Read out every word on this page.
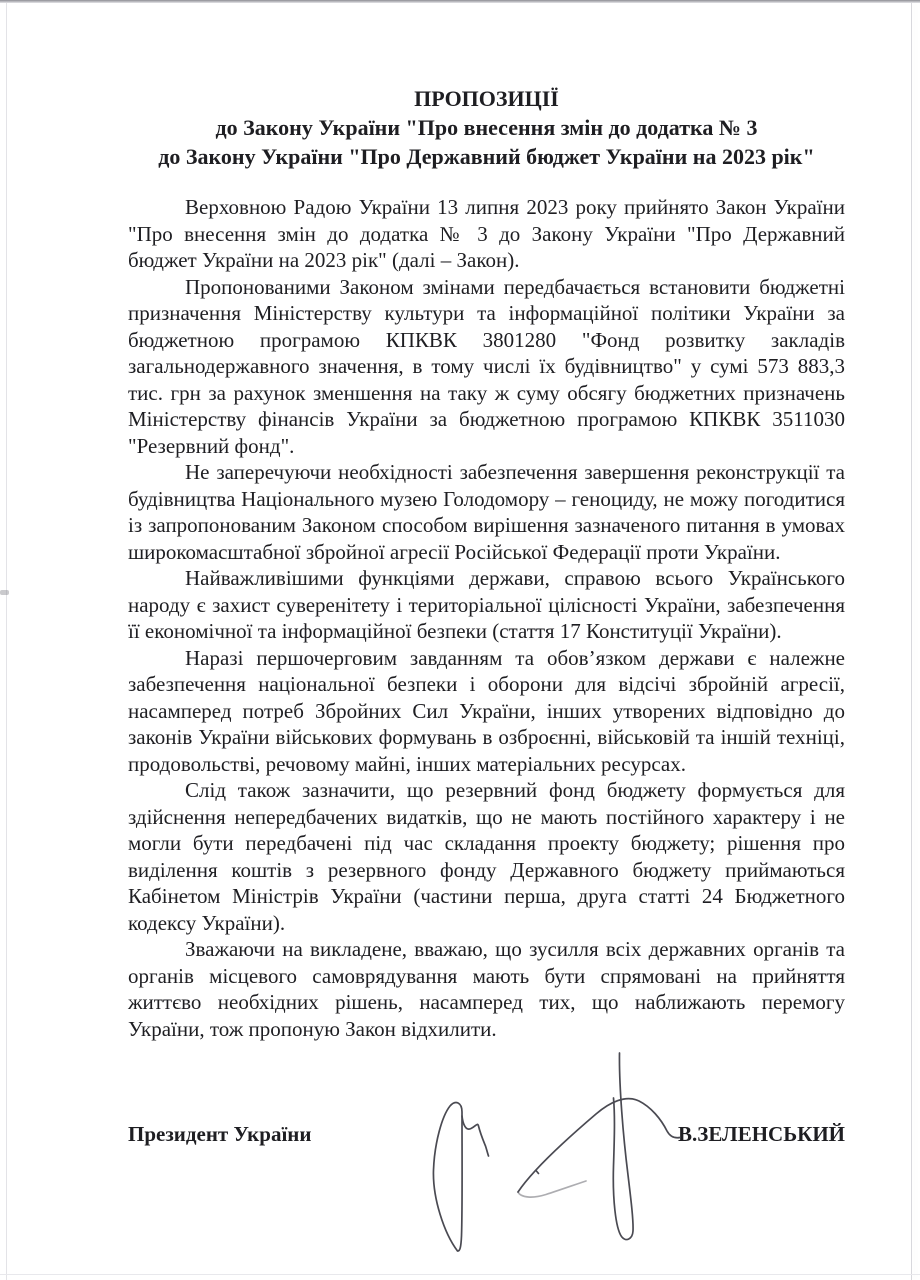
ПРОПОЗИЦІЇ
до Закону України "Про внесення змін до додатка № 3
до Закону України "Про Державний бюджет України на 2023 рік"

Верховною Радою України 13 липня 2023 року прийнято Закон України "Про внесення змін до додатка № 3 до Закону України "Про Державний бюджет України на 2023 рік" (далі – Закон).

Пропонованими Законом змінами передбачається встановити бюджетні призначення Міністерству культури та інформаційної політики України за бюджетною програмою КПКВК 3801280 "Фонд розвитку закладів загальнодержавного значення, в тому числі їх будівництво" у сумі 573 883,3 тис. грн за рахунок зменшення на таку ж суму обсягу бюджетних призначень Міністерству фінансів України за бюджетною програмою КПКВК 3511030 "Резервний фонд".

Не заперечуючи необхідності забезпечення завершення реконструкції та будівництва Національного музею Голодомору – геноциду, не можу погодитися із запропонованим Законом способом вирішення зазначеного питання в умовах широкомасштабної збройної агресії Російської Федерації проти України.

Найважливішими функціями держави, справою всього Українського народу є захист суверенітету і територіальної цілісності України, забезпечення її економічної та інформаційної безпеки (стаття 17 Конституції України).

Наразі першочерговим завданням та обов’язком держави є належне забезпечення національної безпеки і оборони для відсічі збройній агресії, насамперед потреб Збройних Сил України, інших утворених відповідно до законів України військових формувань в озброєнні, військовій та іншій техніці, продовольстві, речовому майні, інших матеріальних ресурсах.

Слід також зазначити, що резервний фонд бюджету формується для здійснення непередбачених видатків, що не мають постійного характеру і не могли бути передбачені під час складання проекту бюджету; рішення про виділення коштів з резервного фонду Державного бюджету приймаються Кабінетом Міністрів України (частини перша, друга статті 24 Бюджетного кодексу України).

Зважаючи на викладене, вважаю, що зусилля всіх державних органів та органів місцевого самоврядування мають бути спрямовані на прийняття життєво необхідних рішень, насамперед тих, що наближають перемогу України, тож пропоную Закон відхилити.

Президент України	В.ЗЕЛЕНСЬКИЙ
